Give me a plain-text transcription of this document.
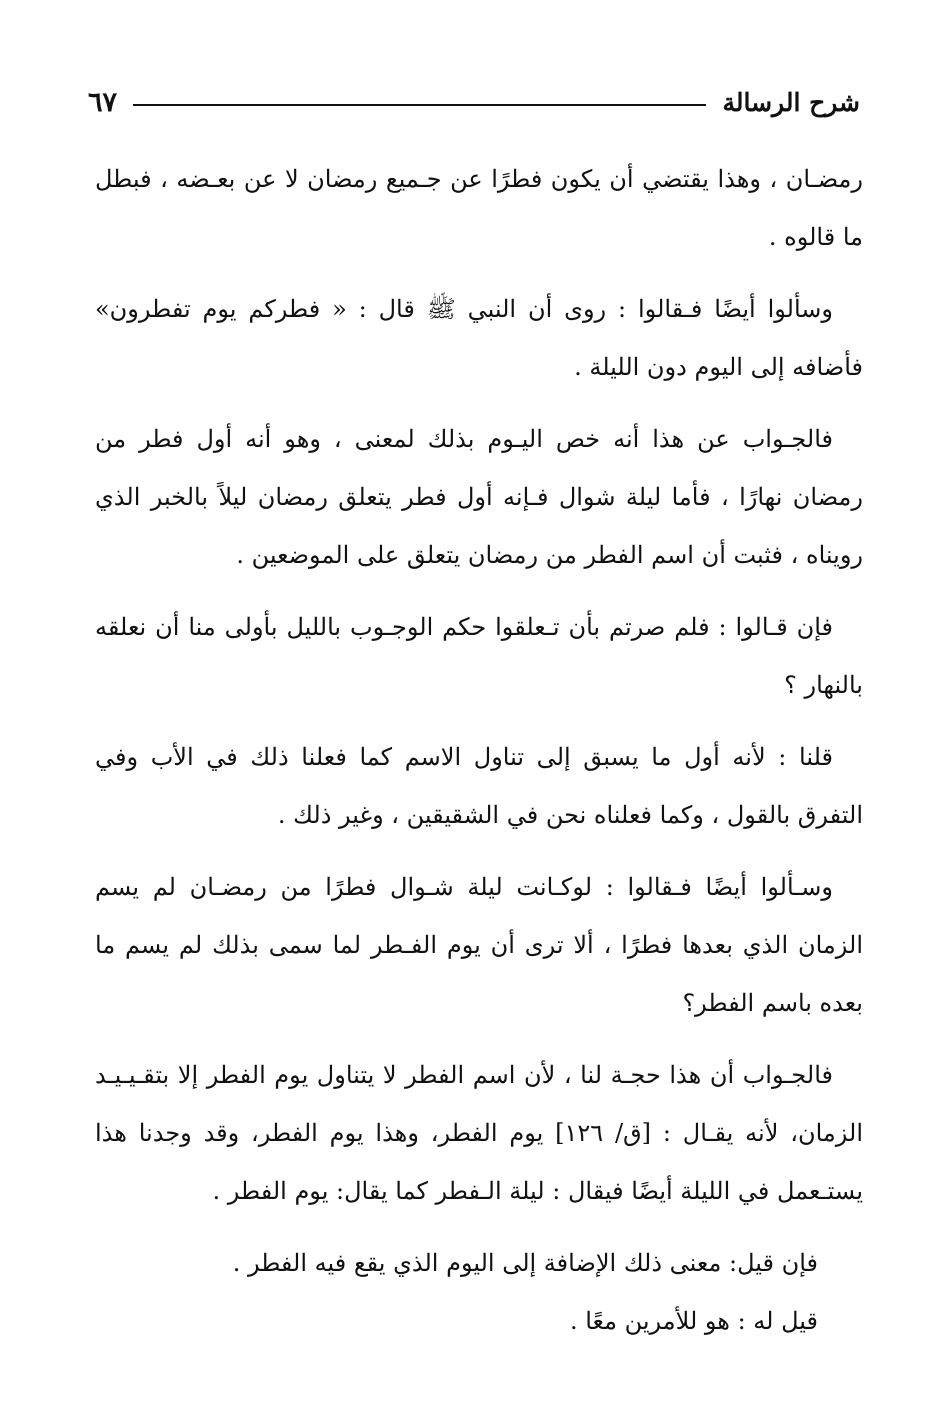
شرح الرسالة
٦٧

رمضـان ، وهذا يقتضي أن يكون فطرًا عن جـميع رمضان لا عن بعـضه ، فبطل ما قالوه .

وسألوا أيضًا فـقالوا : روى أن النبي ﷺ قال : « فطركم يوم تفطرون» فأضافه إلى اليوم دون الليلة .

فالجـواب عن هذا أنه خص اليـوم بذلك لمعنى ، وهو أنه أول فطر من رمضان نهارًا ، فأما ليلة شوال فـإنه أول فطر يتعلق رمضان ليلاً بالخبر الذي رويناه ، فثبت أن اسم الفطر من رمضان يتعلق على الموضعين .

فإن قـالوا : فلم صرتم بأن تـعلقوا حكم الوجـوب بالليل بأولى منا أن نعلقه بالنهار ؟

قلنا : لأنه أول ما يسبق إلى تناول الاسم كما فعلنا ذلك في الأب وفي التفرق بالقول ، وكما فعلناه نحن في الشقيقين ، وغير ذلك .

وسـألوا أيضًا فـقالوا : لوكـانت ليلة شـوال فطرًا من رمضـان لم يسم الزمان الذي بعدها فطرًا ، ألا ترى أن يوم الفـطر لما سمى بذلك لم يسم ما بعده باسم الفطر؟

فالجـواب أن هذا حجـة لنا ، لأن اسم الفطر لا يتناول يوم الفطر إلا بتقـيـيـد الزمان، لأنه يقـال : [ق/ ١٢٦] يوم الفطر، وهذا يوم الفطر، وقد وجدنا هذا يستـعمل في الليلة أيضًا فيقال : ليلة الـفطر كما يقال: يوم الفطر .

فإن قيل: معنى ذلك الإضافة إلى اليوم الذي يقع فيه الفطر .

قيل له : هو للأمرين معًا .
